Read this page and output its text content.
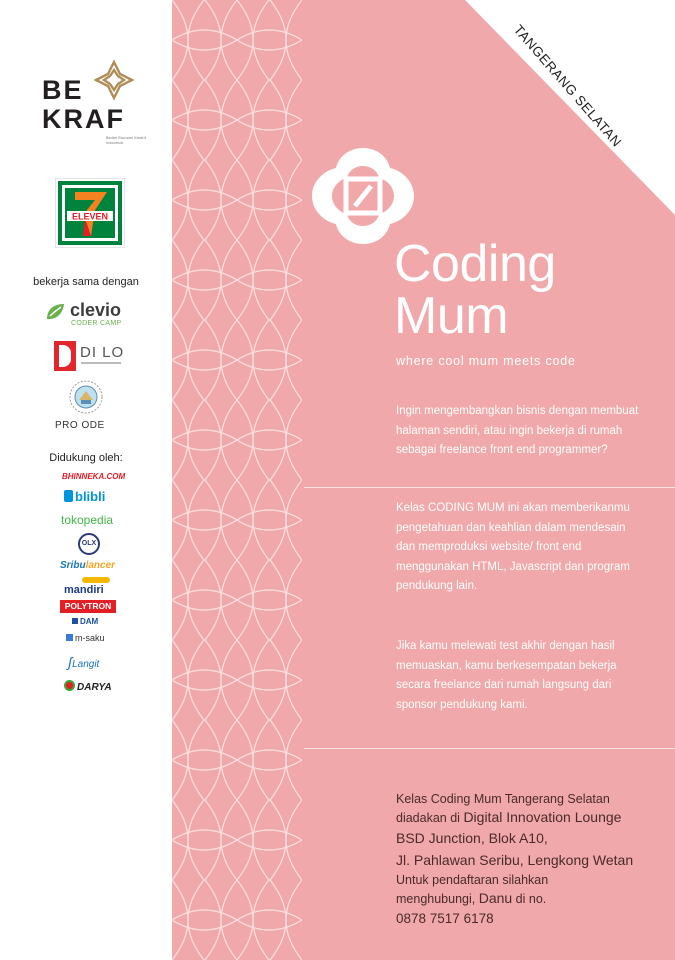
BE
KRAF
Badan Ekonomi Kreatif Indonesia
ELEVEN
bekerja sama dengan
clevio
CODER CAMP
DI LO
PRO ODE
Didukung oleh:
BHINNEKA.COM
blibli
tokopedia
OLX
Sribulancer
mandiri
POLYTRON
DAM
m-saku
ʃLangit
DARYA
Coding
Mum
where cool mum meets code

Ingin mengembangkan bisnis dengan membuat halaman sendiri, atau ingin bekerja di rumah sebagai freelance front end programmer?

Kelas CODING MUM ini akan memberikanmu pengetahuan dan keahlian dalam mendesain dan memproduksi website/ front end menggunakan HTML, Javascript dan program pendukung lain.

Jika kamu melewati test akhir dengan hasil memuaskan, kamu berkesempatan bekerja secara freelance dari rumah langsung dari sponsor pendukung kami.

Kelas Coding Mum Tangerang Selatan
diadakan di Digital Innovation Lounge
BSD Junction, Blok A10,
Jl. Pahlawan Seribu, Lengkong Wetan
Untuk pendaftaran silahkan
menghubungi, Danu di no.
0878 7517 6178
TANGERANG SELATAN
